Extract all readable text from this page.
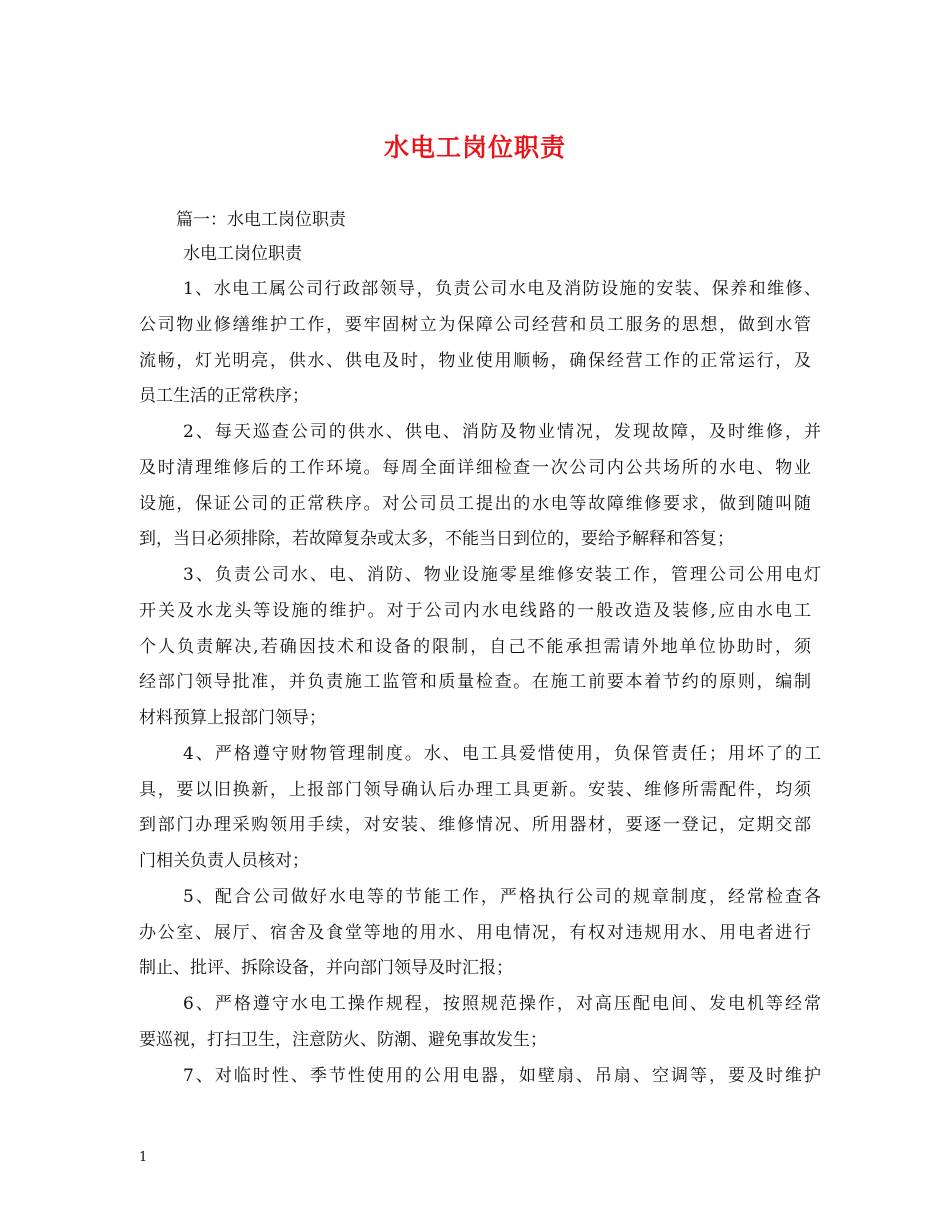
水电工岗位职责
篇一：水电工岗位职责
水电工岗位职责
1、水电工属公司行政部领导，负责公司水电及消防设施的安装、保养和维修、
公司物业修缮维护工作，要牢固树立为保障公司经营和员工服务的思想，做到水管
流畅，灯光明亮，供水、供电及时，物业使用顺畅，确保经营工作的正常运行，及
员工生活的正常秩序；
2、每天巡查公司的供水、供电、消防及物业情况，发现故障，及时维修，并
及时清理维修后的工作环境。每周全面详细检查一次公司内公共场所的水电、物业
设施，保证公司的正常秩序。对公司员工提出的水电等故障维修要求，做到随叫随
到，当日必须排除，若故障复杂或太多，不能当日到位的，要给予解释和答复；
3、负责公司水、电、消防、物业设施零星维修安装工作，管理公司公用电灯
开关及水龙头等设施的维护。对于公司内水电线路的一般改造及装修,应由水电工
个人负责解决,若确因技术和设备的限制，自己不能承担需请外地单位协助时，须
经部门领导批准，并负责施工监管和质量检查。在施工前要本着节约的原则，编制
材料预算上报部门领导；
4、严格遵守财物管理制度。水、电工具爱惜使用，负保管责任；用坏了的工
具，要以旧换新，上报部门领导确认后办理工具更新。安装、维修所需配件，均须
到部门办理采购领用手续，对安装、维修情况、所用器材，要逐一登记，定期交部
门相关负责人员核对；
5、配合公司做好水电等的节能工作，严格执行公司的规章制度，经常检查各
办公室、展厅、宿舍及食堂等地的用水、用电情况，有权对违规用水、用电者进行
制止、批评、拆除设备，并向部门领导及时汇报；
6、严格遵守水电工操作规程，按照规范操作，对高压配电间、发电机等经常
要巡视，打扫卫生，注意防火、防潮、避免事故发生；
7、对临时性、季节性使用的公用电器，如壁扇、吊扇、空调等，要及时维护
1
